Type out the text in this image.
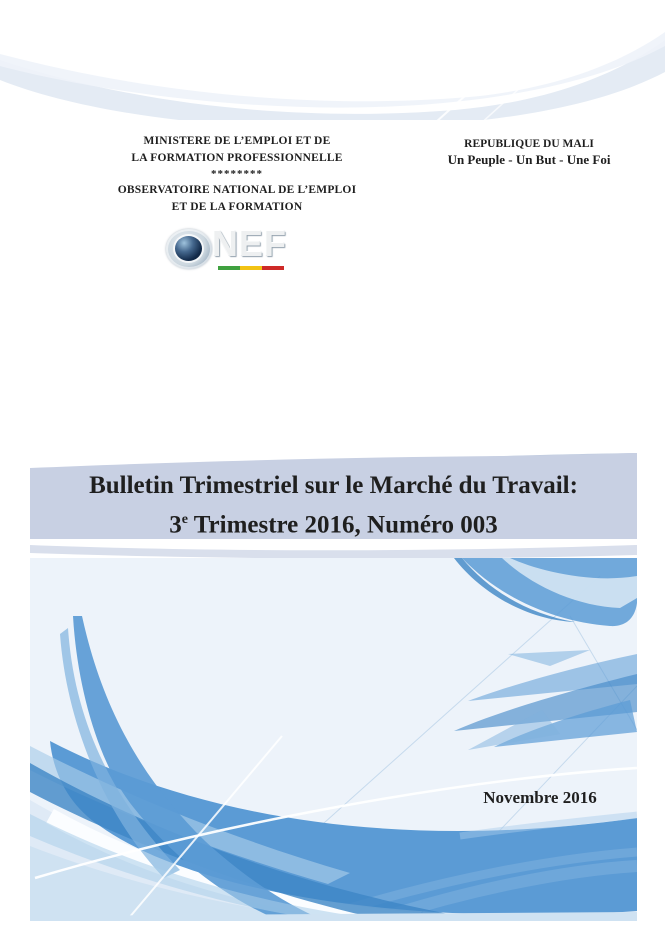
MINISTERE DE L’EMPLOI ET DE
LA FORMATION PROFESSIONNELLE
********
OBSERVATOIRE NATIONAL DE L’EMPLOI
ET DE LA FORMATION
REPUBLIQUE DU MALI
Un Peuple - Un But - Une Foi
NEF
Bulletin Trimestriel sur le Marché du Travail:
3e Trimestre 2016, Numéro 003
Novembre 2016
